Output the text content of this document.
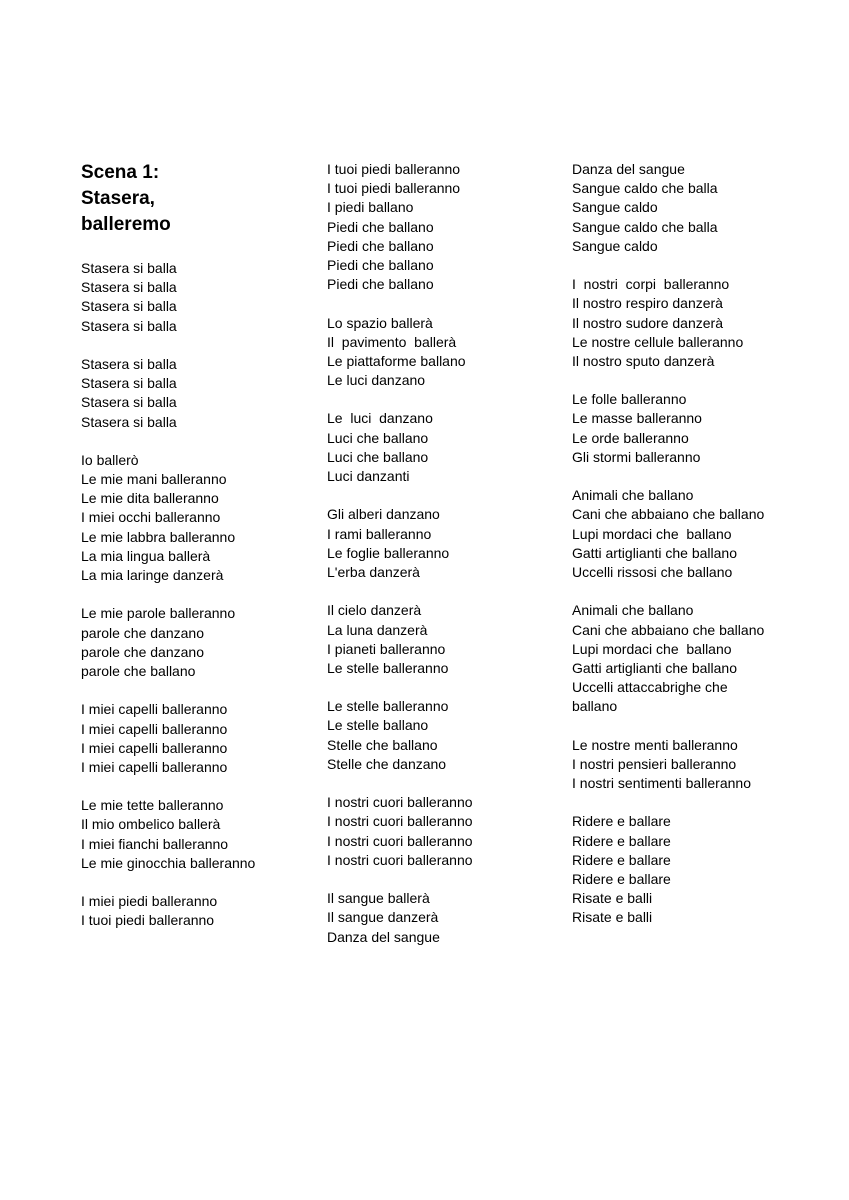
Scena 1:
Stasera,
balleremo
Stasera si balla
Stasera si balla
Stasera si balla
Stasera si balla
Stasera si balla
Stasera si balla
Stasera si balla
Stasera si balla
Io ballerò
Le mie mani balleranno
Le mie dita balleranno
I miei occhi balleranno
Le mie labbra balleranno
La mia lingua ballerà
La mia laringe danzerà
Le mie parole balleranno
parole che danzano
parole che danzano
parole che ballano
I miei capelli balleranno
I miei capelli balleranno
I miei capelli balleranno
I miei capelli balleranno
Le mie tette balleranno
Il mio ombelico ballerà
I miei fianchi balleranno
Le mie ginocchia balleranno
I miei piedi balleranno
I tuoi piedi balleranno
I tuoi piedi balleranno
I tuoi piedi balleranno
I piedi ballano
Piedi che ballano
Piedi che ballano
Piedi che ballano
Piedi che ballano
Lo spazio ballerà
Il  pavimento  ballerà
Le piattaforme ballano
Le luci danzano
Le  luci  danzano
Luci che ballano
Luci che ballano
Luci danzanti
Gli alberi danzano
I rami balleranno
Le foglie balleranno
L'erba danzerà
Il cielo danzerà
La luna danzerà
I pianeti balleranno
Le stelle balleranno
Le stelle balleranno
Le stelle ballano
Stelle che ballano
Stelle che danzano
I nostri cuori balleranno
I nostri cuori balleranno
I nostri cuori balleranno
I nostri cuori balleranno
Il sangue ballerà
Il sangue danzerà
Danza del sangue
Danza del sangue
Sangue caldo che balla
Sangue caldo
Sangue caldo che balla
Sangue caldo
I  nostri  corpi  balleranno
Il nostro respiro danzerà
Il nostro sudore danzerà
Le nostre cellule balleranno
Il nostro sputo danzerà
Le folle balleranno
Le masse balleranno
Le orde balleranno
Gli stormi balleranno
Animali che ballano
Cani che abbaiano che ballano
Lupi mordaci che  ballano
Gatti artiglianti che ballano
Uccelli rissosi che ballano
Animali che ballano
Cani che abbaiano che ballano
Lupi mordaci che  ballano
Gatti artiglianti che ballano
Uccelli attaccabrighe che
ballano
Le nostre menti balleranno
I nostri pensieri balleranno
I nostri sentimenti balleranno
Ridere e ballare
Ridere e ballare
Ridere e ballare
Ridere e ballare
Risate e balli
Risate e balli
